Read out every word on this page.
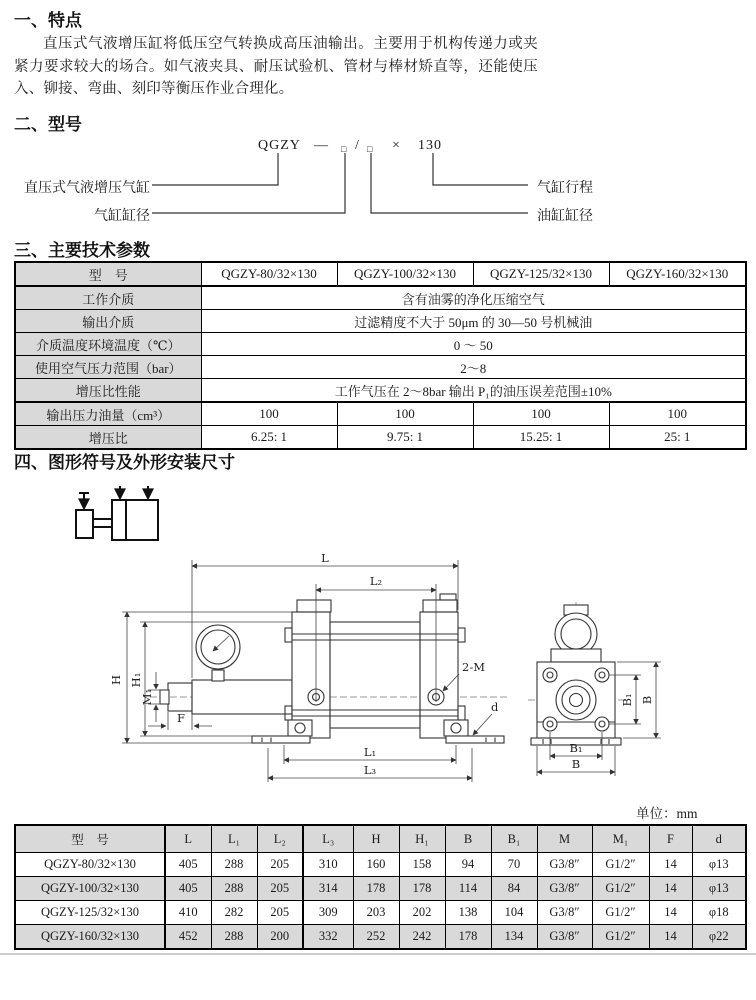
一、特点
直压式气液增压缸将低压空气转换成高压油输出。主要用于机构传递力或夹紧力要求较大的场合。如气液夹具、耐压试验机、管材与棒材矫直等，还能使压入、铆接、弯曲、刻印等衡压作业合理化。
二、型号
QGZY — □ / □ × 130
直压式气液增压气缸
气缸缸径
气缸行程
油缸缸径
三、主要技术参数
型　号	QGZY-80/32×130	QGZY-100/32×130	QGZY-125/32×130	QGZY-160/32×130
工作介质	含有油雾的净化压缩空气			
输出介质	过滤精度不大于 50μm 的 30—50 号机械油			
介质温度环境温度（℃）	0 ～ 50			
使用空气压力范围（bar）	2～8			
增压比性能	工作气压在 2～8bar 输出 P₁的油压误差范围±10%			
输出压力油量（cm³）	100	100	100	100
增压比	6.25: 1	9.75: 1	15.25: 1	25: 1
四、图形符号及外形安装尺寸
L
L₂
H H₁
M₁
F
2-M
d
L₁
L₃
B₁ B
B₁
B
单位：mm
型　号	L	L₁	L₂	L₃	H	H₁	B	B₁	M	M₁	F	d
QGZY-80/32×130	405	288	205	310	160	158	94	70	G3/8″	G1/2″	14	φ13
QGZY-100/32×130	405	288	205	314	178	178	114	84	G3/8″	G1/2″	14	φ13
QGZY-125/32×130	410	282	205	309	203	202	138	104	G3/8″	G1/2″	14	φ18
QGZY-160/32×130	452	288	200	332	252	242	178	134	G3/8″	G1/2″	14	φ22
